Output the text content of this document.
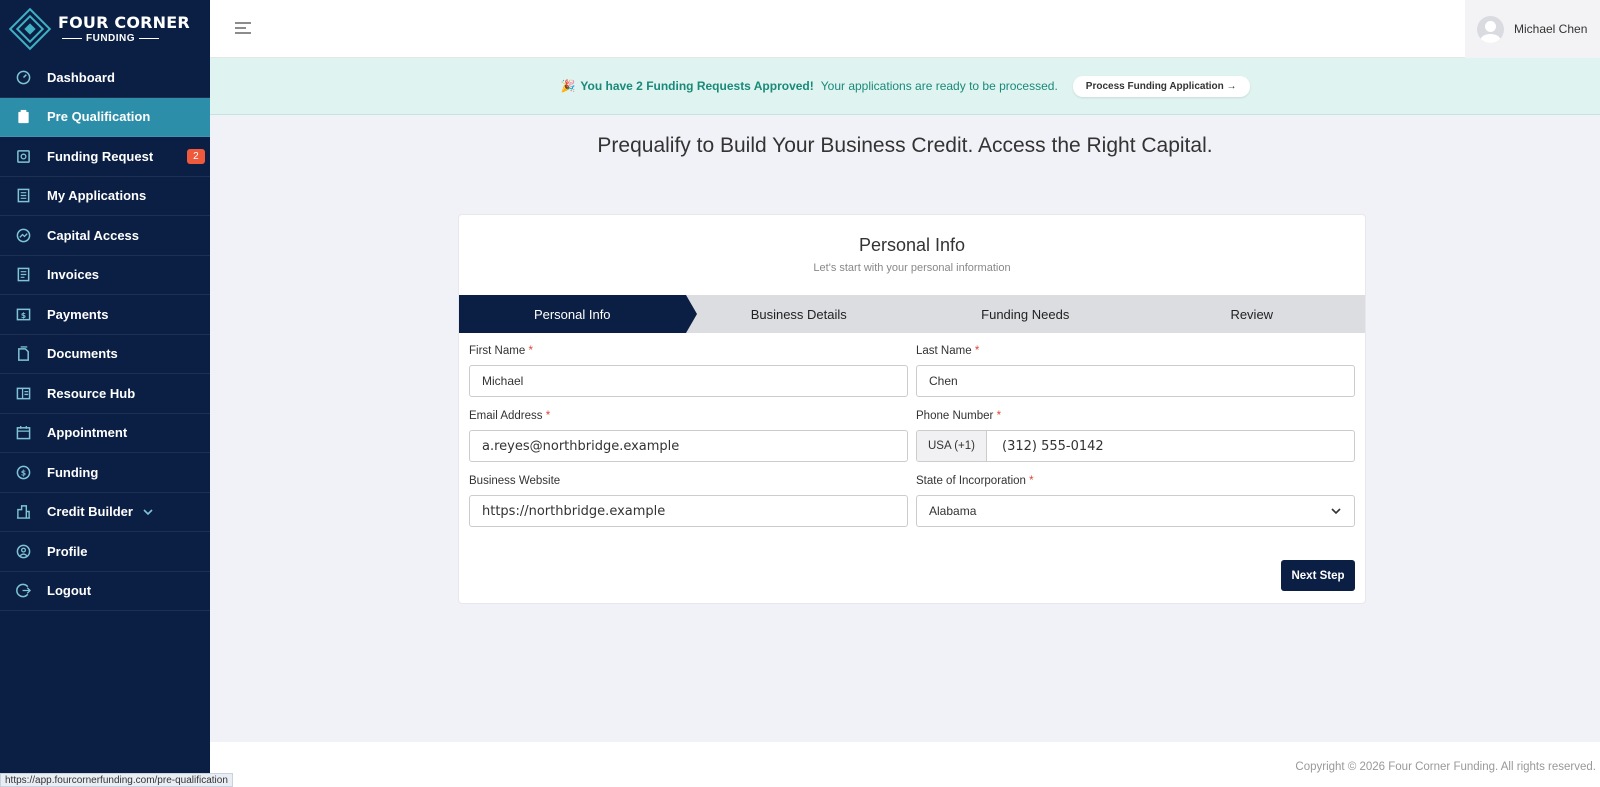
FOUR CORNER
FUNDING
Dashboard
Pre Qualification
Funding Request	2
My Applications
Capital Access
Invoices
$ Payments
Documents
Resource Hub
Appointment
$ Funding
Credit Builder
Profile
Logout
Michael Chen
🎉 You have 2 Funding Requests Approved! Your applications are ready to be processed.	Process Funding Application →
Prequalify to Build Your Business Credit. Access the Right Capital.
Personal Info
Let's start with your personal information
Personal Info	Business Details	Funding Needs	Review
First Name *
Michael
Last Name *
Chen
Email Address *
a.reyes@northbridge.example
Phone Number *
USA (+1)	(312) 555-0142
Business Website
https://northbridge.example
State of Incorporation *
Alabama
Next Step
Copyright © 2026 Four Corner Funding. All rights reserved.
https://app.fourcornerfunding.com/pre-qualification
